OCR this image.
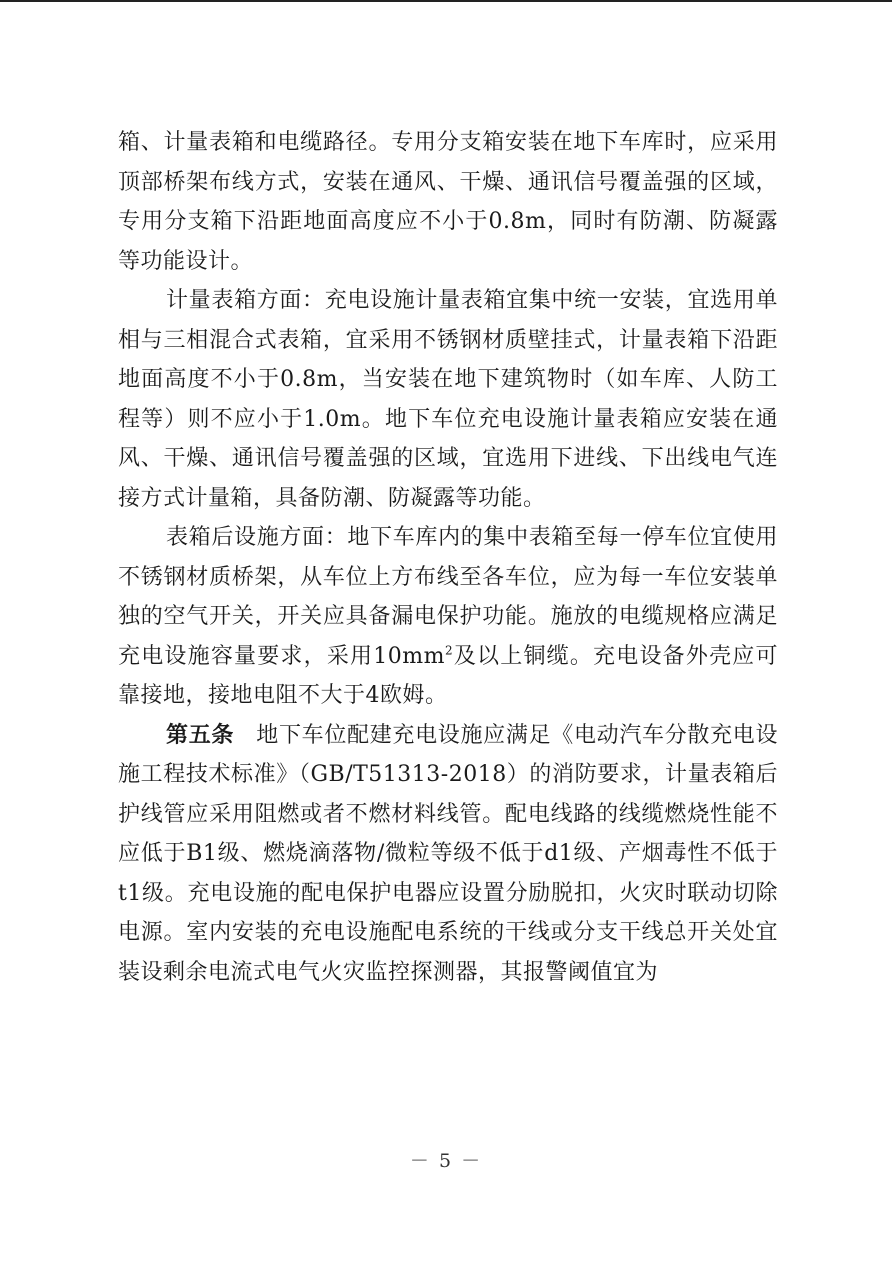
箱、计量表箱和电缆路径。专用分支箱安装在地下车库时，应采用顶部桥架布线方式，安装在通风、干燥、通讯信号覆盖强的区域，专用分支箱下沿距地面高度应不小于0.8m，同时有防潮、防凝露等功能设计。

计量表箱方面：充电设施计量表箱宜集中统一安装，宜选用单相与三相混合式表箱，宜采用不锈钢材质壁挂式，计量表箱下沿距地面高度不小于0.8m，当安装在地下建筑物时（如车库、人防工程等）则不应小于1.0m。地下车位充电设施计量表箱应安装在通风、干燥、通讯信号覆盖强的区域，宜选用下进线、下出线电气连接方式计量箱，具备防潮、防凝露等功能。

表箱后设施方面：地下车库内的集中表箱至每一停车位宜使用不锈钢材质桥架，从车位上方布线至各车位，应为每一车位安装单独的空气开关，开关应具备漏电保护功能。施放的电缆规格应满足充电设施容量要求，采用$10mm^2$及以上铜缆。充电设备外壳应可靠接地，接地电阻不大于4欧姆。

第五条 地下车位配建充电设施应满足《电动汽车分散充电设施工程技术标准》（GB/T51313-2018）的消防要求，计量表箱后护线管应采用阻燃或者不燃材料线管。配电线路的线缆燃烧性能不应低于B1级、燃烧滴落物/微粒等级不低于d1级、产烟毒性不低于t1级。充电设施的配电保护电器应设置分励脱扣，火灾时联动切除电源。室内安装的充电设施配电系统的干线或分支干线总开关处宜装设剩余电流式电气火灾监控探测器，其报警阈值宜为

－ 5 －
